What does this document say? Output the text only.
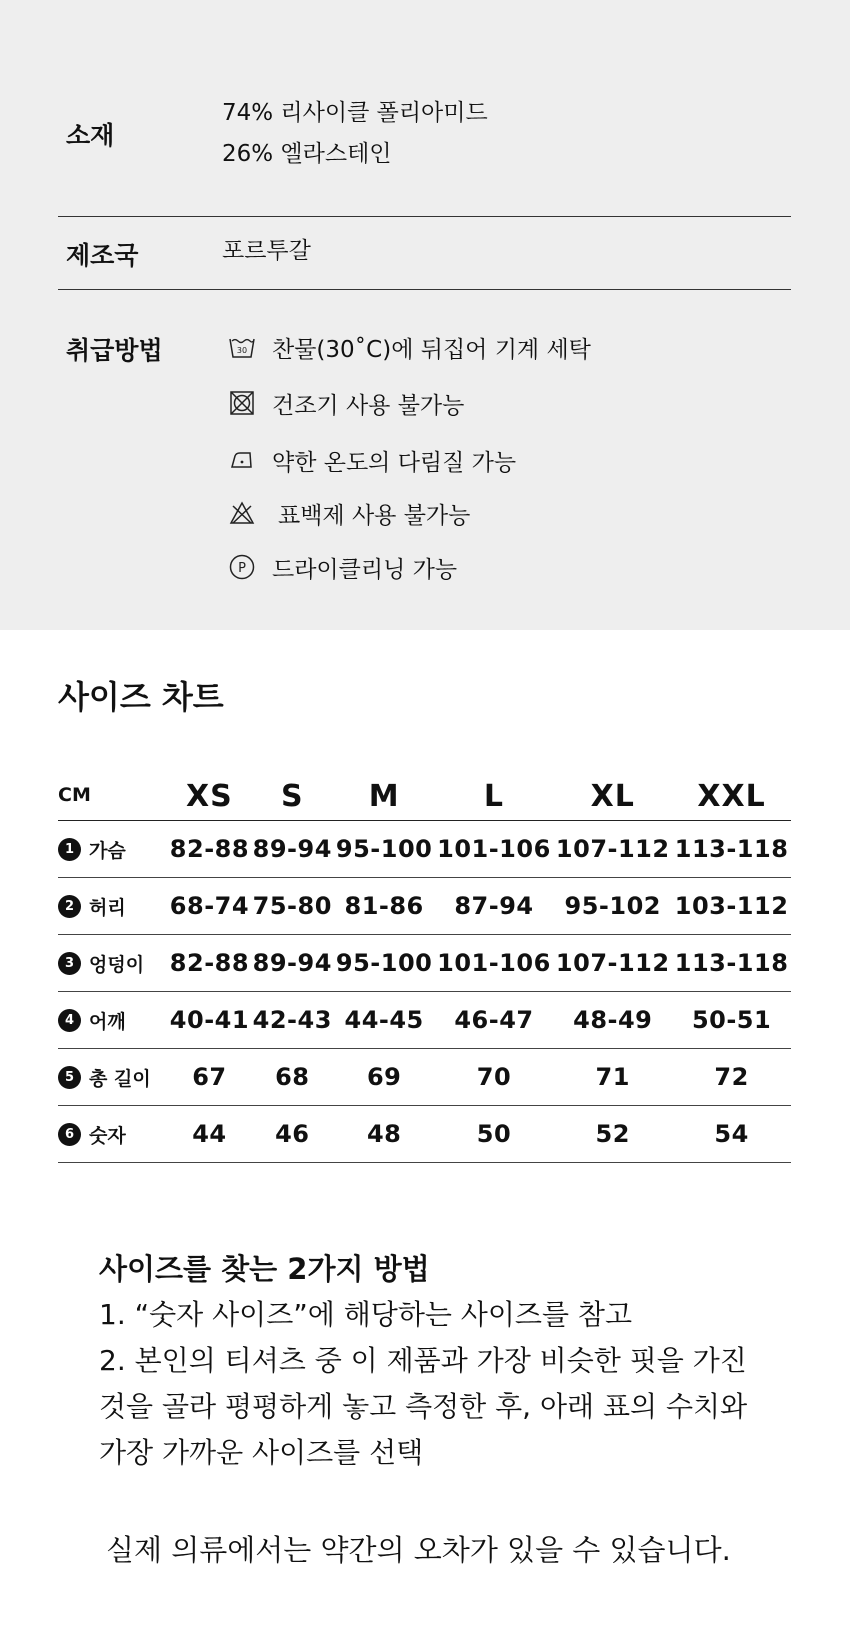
소재
74% 리사이클 폴리아미드
26% 엘라스테인
제조국	포르투갈
취급방법	30 찬물(30˚C)에 뒤집어 기계 세탁
건조기 사용 불가능
약한 온도의 다림질 가능
표백제 사용 불가능
P 드라이클리닝 가능
사이즈 차트
CM	XS	S	M	L	XL	XXL
1 가슴	82-88	89-94	95-100	101-106	107-112	113-118
2 허리	68-74	75-80	81-86	87-94	95-102	103-112
3 엉덩이	82-88	89-94	95-100	101-106	107-112	113-118
4 어깨	40-41	42-43	44-45	46-47	48-49	50-51
5 총 길이	67	68	69	70	71	72
6 숫자	44	46	48	50	52	54
사이즈를 찾는 2가지 방법
1. “숫자 사이즈”에 해당하는 사이즈를 참고
2. 본인의 티셔츠 중 이 제품과 가장 비슷한 핏을 가진
것을 골라 평평하게 놓고 측정한 후, 아래 표의 수치와
가장 가까운 사이즈를 선택
실제 의류에서는 약간의 오차가 있을 수 있습니다.
